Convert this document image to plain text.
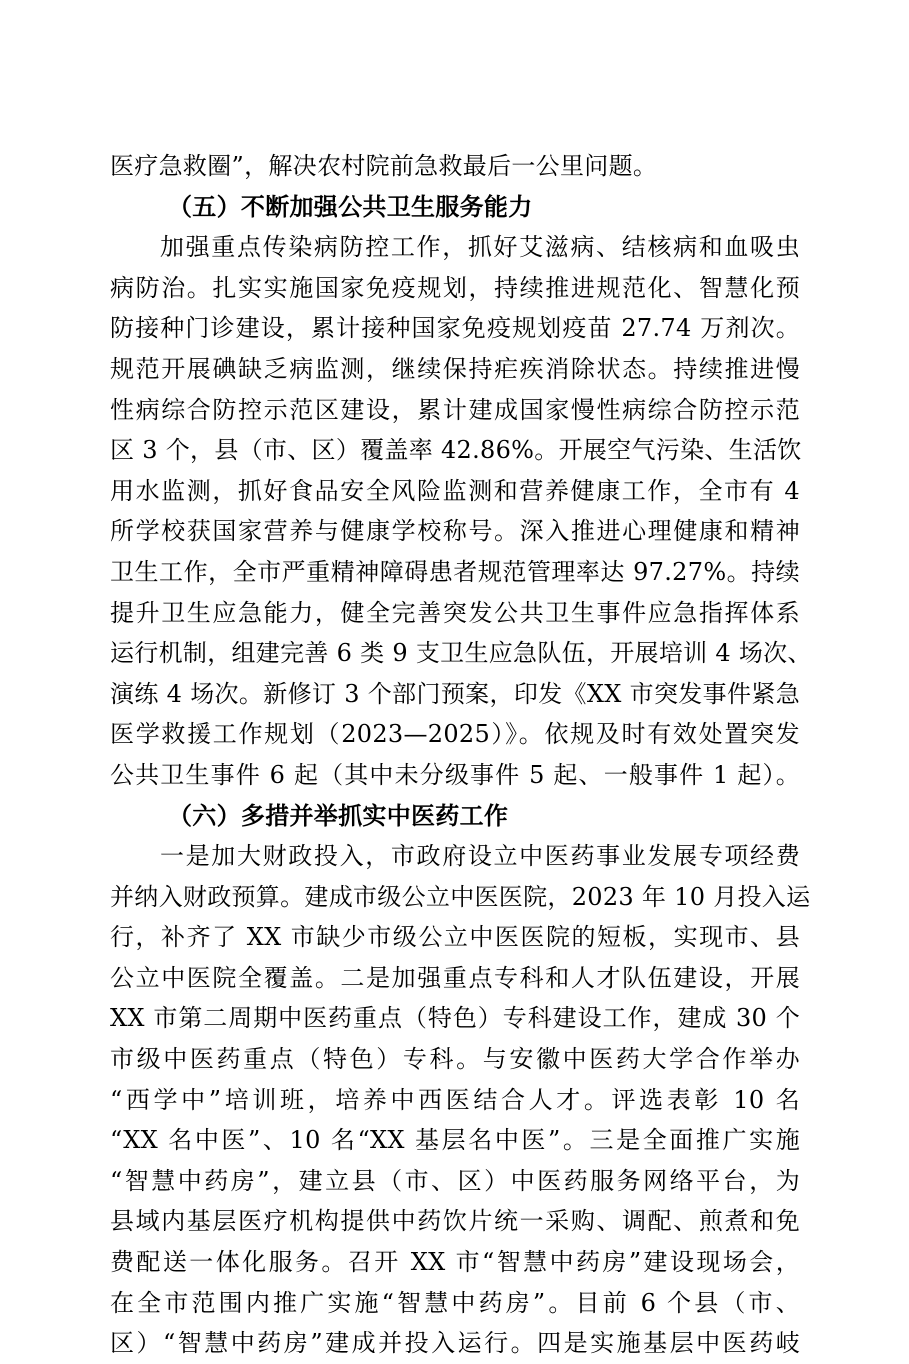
医疗急救圈”，解决农村院前急救最后一公里问题。
（五）不断加强公共卫生服务能力
加强重点传染病防控工作，抓好艾滋病、结核病和血吸虫
病防治。扎实实施国家免疫规划，持续推进规范化、智慧化预
防接种门诊建设，累计接种国家免疫规划疫苗 27.74 万剂次。
规范开展碘缺乏病监测，继续保持疟疾消除状态。持续推进慢
性病综合防控示范区建设，累计建成国家慢性病综合防控示范
区 3 个，县（市、区）覆盖率 42.86%。开展空气污染、生活饮
用水监测，抓好食品安全风险监测和营养健康工作，全市有 4
所学校获国家营养与健康学校称号。深入推进心理健康和精神
卫生工作，全市严重精神障碍患者规范管理率达 97.27%。持续
提升卫生应急能力，健全完善突发公共卫生事件应急指挥体系
运行机制，组建完善 6 类 9 支卫生应急队伍，开展培训 4 场次、
演练 4 场次。新修订 3 个部门预案，印发《XX 市突发事件紧急
医学救援工作规划（2023—2025）》。依规及时有效处置突发
公共卫生事件 6 起（其中未分级事件 5 起、一般事件 1 起）。
（六）多措并举抓实中医药工作
一是加大财政投入，市政府设立中医药事业发展专项经费
并纳入财政预算。建成市级公立中医医院，2023 年 10 月投入运
行，补齐了 XX 市缺少市级公立中医医院的短板，实现市、县
公立中医院全覆盖。二是加强重点专科和人才队伍建设，开展
XX 市第二周期中医药重点（特色）专科建设工作，建成 30 个
市级中医药重点（特色）专科。与安徽中医药大学合作举办
“西学中”培训班，培养中西医结合人才。评选表彰 10 名
“XX 名中医”、10 名“XX 基层名中医”。三是全面推广实施
“智慧中药房”，建立县（市、区）中医药服务网络平台，为
县域内基层医疗机构提供中药饮片统一采购、调配、煎煮和免
费配送一体化服务。召开 XX 市“智慧中药房”建设现场会，
在全市范围内推广实施“智慧中药房”。目前 6 个县（市、
区）“智慧中药房”建成并投入运行。四是实施基层中医药岐
